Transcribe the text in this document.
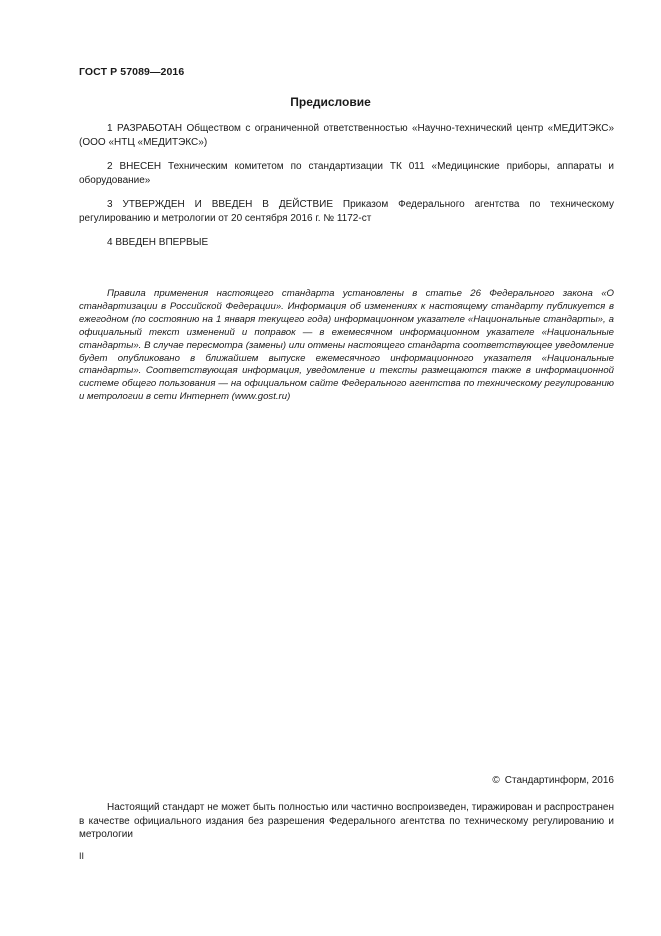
ГОСТ Р 57089—2016
Предисловие

1 РАЗРАБОТАН Обществом с ограниченной ответственностью «Научно-технический центр «МЕДИТЭКС» (ООО «НТЦ «МЕДИТЭКС»)

2 ВНЕСЕН Техническим комитетом по стандартизации ТК 011 «Медицинские приборы, аппараты и оборудование»

3 УТВЕРЖДЕН И ВВЕДЕН В ДЕЙСТВИЕ Приказом Федерального агентства по техническому регулированию и метрологии от 20 сентября 2016 г. № 1172-ст

4 ВВЕДЕН ВПЕРВЫЕ

Правила применения настоящего стандарта установлены в статье 26 Федерального закона «О стандартизации в Российской Федерации». Информация об изменениях к настоящему стандарту публикуется в ежегодном (по состоянию на 1 января текущего года) информационном указателе «Национальные стандарты», а официальный текст изменений и поправок — в ежемесячном информационном указателе «Национальные стандарты». В случае пересмотра (замены) или отмены настоящего стандарта соответствующее уведомление будет опубликовано в ближайшем выпуске ежемесячного информационного указателя «Национальные стандарты». Соответствующая информация, уведомление и тексты размещаются также в информационной системе общего пользования — на официальном сайте Федерального агентства по техническому регулированию и метрологии в сети Интернет (www.gost.ru)

© Стандартинформ, 2016

Настоящий стандарт не может быть полностью или частично воспроизведен, тиражирован и распространен в качестве официального издания без разрешения Федерального агентства по техническому регулированию и метрологии

II
